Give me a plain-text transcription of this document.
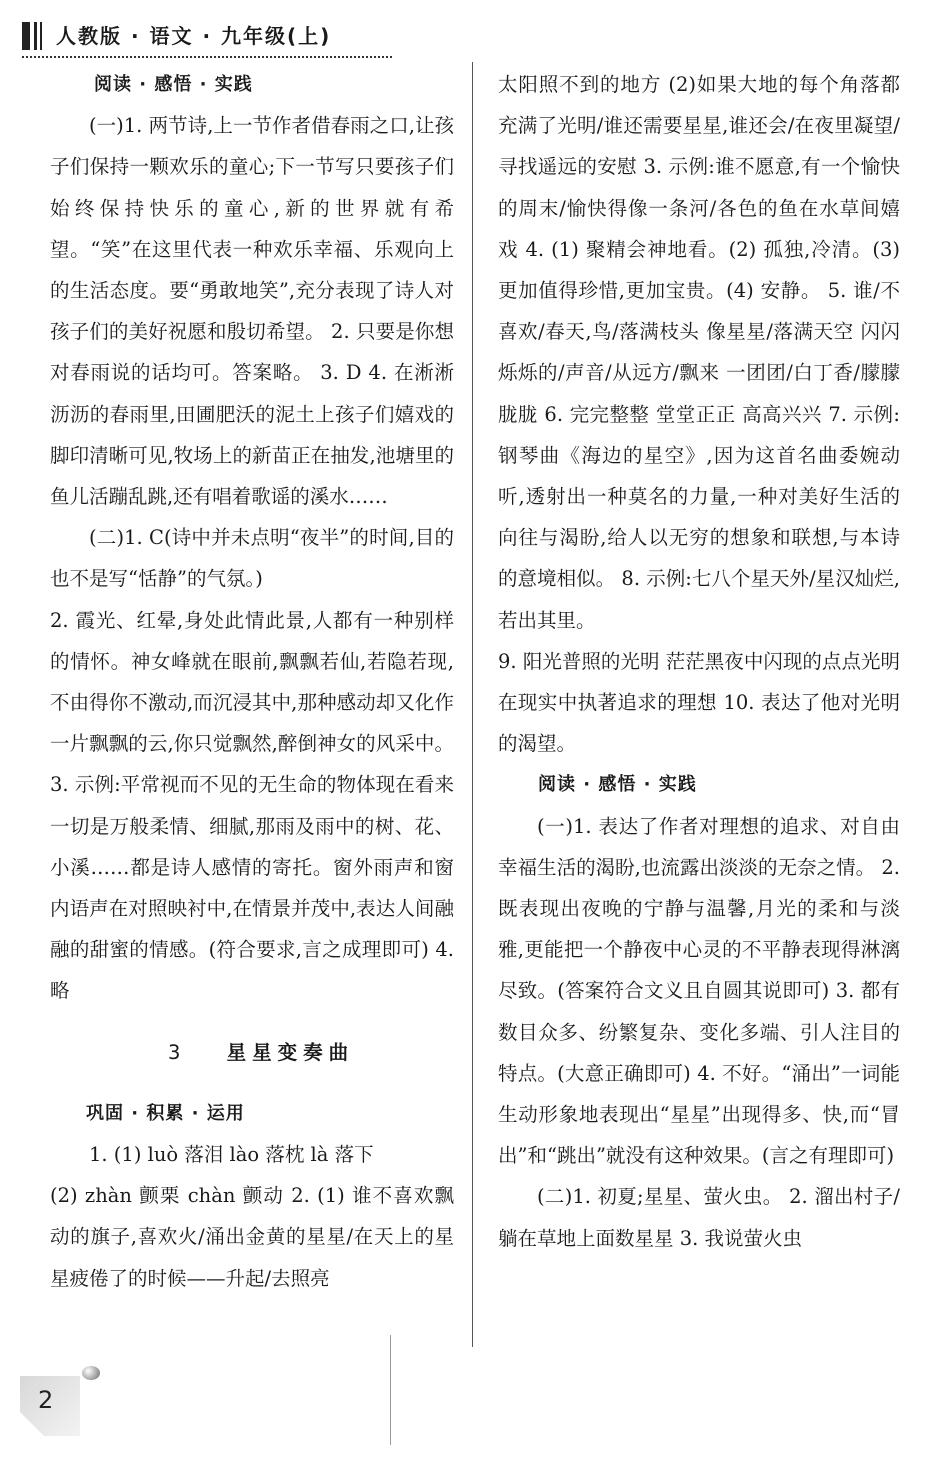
人教版 · 语文 · 九年级(上)

阅读 · 感悟 · 实践

(一)1. 两节诗,上一节作者借春雨之口,让孩子们保持一颗欢乐的童心;下一节写只要孩子们始终保持快乐的童心,新的世界就有希望。“笑”在这里代表一种欢乐幸福、乐观向上的生活态度。要“勇敢地笑”,充分表现了诗人对孩子们的美好祝愿和殷切希望。 2. 只要是你想对春雨说的话均可。答案略。 3. D 4. 在淅淅沥沥的春雨里,田圃肥沃的泥土上孩子们嬉戏的脚印清晰可见,牧场上的新苗正在抽发,池塘里的鱼儿活蹦乱跳,还有唱着歌谣的溪水……

(二)1. C(诗中并未点明“夜半”的时间,目的也不是写“恬静”的气氛。)

2. 霞光、红晕,身处此情此景,人都有一种别样的情怀。神女峰就在眼前,飘飘若仙,若隐若现,不由得你不激动,而沉浸其中,那种感动却又化作一片飘飘的云,你只觉飘然,醉倒神女的风采中。 3. 示例:平常视而不见的无生命的物体现在看来一切是万般柔情、细腻,那雨及雨中的树、花、小溪……都是诗人感情的寄托。窗外雨声和窗内语声在对照映衬中,在情景并茂中,表达人间融融的甜蜜的情感。(符合要求,言之成理即可) 4. 略

3 星星变奏曲

巩固 · 积累 · 运用

1. (1) luò 落泪 lào 落枕 là 落下

(2) zhàn 颤栗 chàn 颤动 2. (1) 谁不喜欢飘动的旗子,喜欢火/涌出金黄的星星/在天上的星星疲倦了的时候——升起/去照亮

太阳照不到的地方 (2)如果大地的每个角落都充满了光明/谁还需要星星,谁还会/在夜里凝望/寻找遥远的安慰 3. 示例:谁不愿意,有一个愉快的周末/愉快得像一条河/各色的鱼在水草间嬉戏 4. (1) 聚精会神地看。(2) 孤独,冷清。(3) 更加值得珍惜,更加宝贵。(4) 安静。 5. 谁/不喜欢/春天,鸟/落满枝头 像星星/落满天空 闪闪烁烁的/声音/从远方/飘来 一团团/白丁香/朦朦胧胧 6. 完完整整 堂堂正正 高高兴兴 7. 示例:钢琴曲《海边的星空》,因为这首名曲委婉动听,透射出一种莫名的力量,一种对美好生活的向往与渴盼,给人以无穷的想象和联想,与本诗的意境相似。 8. 示例:七八个星天外/星汉灿烂,若出其里。

9. 阳光普照的光明 茫茫黑夜中闪现的点点光明 在现实中执著追求的理想 10. 表达了他对光明的渴望。

阅读 · 感悟 · 实践

(一)1. 表达了作者对理想的追求、对自由幸福生活的渴盼,也流露出淡淡的无奈之情。 2. 既表现出夜晚的宁静与温馨,月光的柔和与淡雅,更能把一个静夜中心灵的不平静表现得淋漓尽致。(答案符合文义且自圆其说即可) 3. 都有数目众多、纷繁复杂、变化多端、引人注目的特点。(大意正确即可) 4. 不好。“涌出”一词能生动形象地表现出“星星”出现得多、快,而“冒出”和“跳出”就没有这种效果。(言之有理即可)

(二)1. 初夏;星星、萤火虫。 2. 溜出村子/躺在草地上面数星星 3. 我说萤火虫

2
